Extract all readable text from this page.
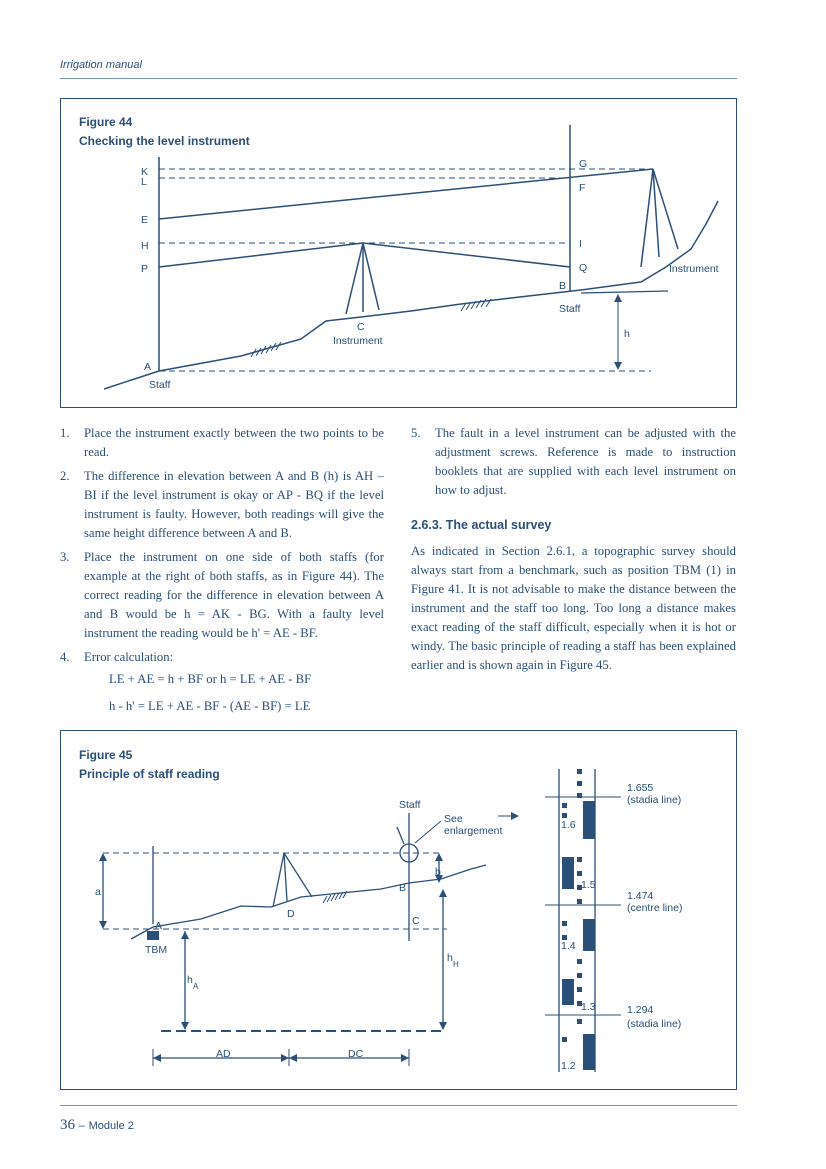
Irrigation manual
Figure 44
Checking the level instrument
K
L
E
H
P
A
Staff
G
F
I
Q
B
Staff
C
Instrument
Instrument
h
1. Place the instrument exactly between the two points to be read.
2. The difference in elevation between A and B (h) is AH – BI if the level instrument is okay or AP - BQ if the level instrument is faulty. However, both readings will give the same height difference between A and B.
3. Place the instrument on one side of both staffs (for example at the right of both staffs, as in Figure 44). The correct reading for the difference in elevation between A and B would be h = AK - BG. With a faulty level instrument the reading would be h' = AE - BF.
4. Error calculation:
LE + AE = h + BF or h = LE + AE - BF
h - h' = LE + AE - BF - (AE - BF) = LE
5. The fault in a level instrument can be adjusted with the adjustment screws. Reference is made to instruction booklets that are supplied with each level instrument on how to adjust.
2.6.3. The actual survey
As indicated in Section 2.6.1, a topographic survey should always start from a benchmark, such as position TBM (1) in Figure 41. It is not advisable to make the distance between the instrument and the staff too long. Too long a distance makes exact reading of the staff difficult, especially when it is hot or windy. The basic principle of reading a staff has been explained earlier and is shown again in Figure 45.
Figure 45
Principle of staff reading
Staff
See
enlargement
a
b
A
B
C
D
TBM
h
A
h
H
AD	DC
1.6
1.5
1.4
1.3
1.2
1.655
(stadia line)
1.474
(centre line)
1.294
(stadia line)
36 – Module 2
